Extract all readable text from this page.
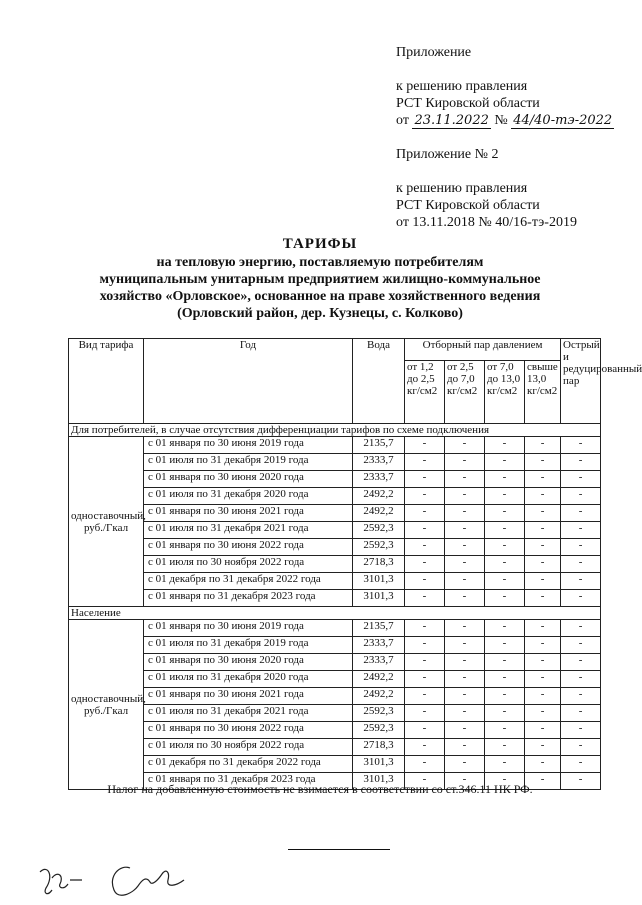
Приложение
к решению правления
РСТ Кировской области
от 23.11.2022 № 44/40-тэ-2022
Приложение № 2
к решению правления
РСТ Кировской области
от 13.11.2018 № 40/16-тэ-2019
ТАРИФЫ
на тепловую энергию, поставляемую потребителям
муниципальным унитарным предприятием жилищно-коммунальное
хозяйство «Орловское», основанное на праве хозяйственного ведения
(Орловский район, дер. Кузнецы, с. Колково)
Вид тарифа	Год	Вода	Отборный пар давлением				Острый и редуцированный пар
			от 1,2 до 2,5 кг/см2	от 2,5 до 7,0 кг/см2	от 7,0 до 13,0 кг/см2	свыше 13,0 кг/см2	
Для потребителей, в случае отсутствия дифференциации тарифов по схеме подключения							
одноставочный, руб./Гкал	с 01 января по 30 июня 2019 года	2135,7	-	-	-	-	-
	с 01 июля по 31 декабря 2019 года	2333,7	-	-	-	-	-
	с 01 января по 30 июня 2020 года	2333,7	-	-	-	-	-
	с 01 июля по 31 декабря 2020 года	2492,2	-	-	-	-	-
	с 01 января по 30 июня 2021 года	2492,2	-	-	-	-	-
	с 01 июля по 31 декабря 2021 года	2592,3	-	-	-	-	-
	с 01 января по 30 июня 2022 года	2592,3	-	-	-	-	-
	с 01 июля по 30 ноября 2022 года	2718,3	-	-	-	-	-
	с 01 декабря по 31 декабря 2022 года	3101,3	-	-	-	-	-
	с 01 января по 31 декабря 2023 года	3101,3	-	-	-	-	-
Население							
одноставочный, руб./Гкал	с 01 января по 30 июня 2019 года	2135,7	-	-	-	-	-
	с 01 июля по 31 декабря 2019 года	2333,7	-	-	-	-	-
	с 01 января по 30 июня 2020 года	2333,7	-	-	-	-	-
	с 01 июля по 31 декабря 2020 года	2492,2	-	-	-	-	-
	с 01 января по 30 июня 2021 года	2492,2	-	-	-	-	-
	с 01 июля по 31 декабря 2021 года	2592,3	-	-	-	-	-
	с 01 января по 30 июня 2022 года	2592,3	-	-	-	-	-
	с 01 июля по 30 ноября 2022 года	2718,3	-	-	-	-	-
	с 01 декабря по 31 декабря 2022 года	3101,3	-	-	-	-	-
	с 01 января по 31 декабря 2023 года	3101,3	-	-	-	-	-
Налог на добавленную стоимость не взимается в соответствии со ст.346.11 НК РФ.
